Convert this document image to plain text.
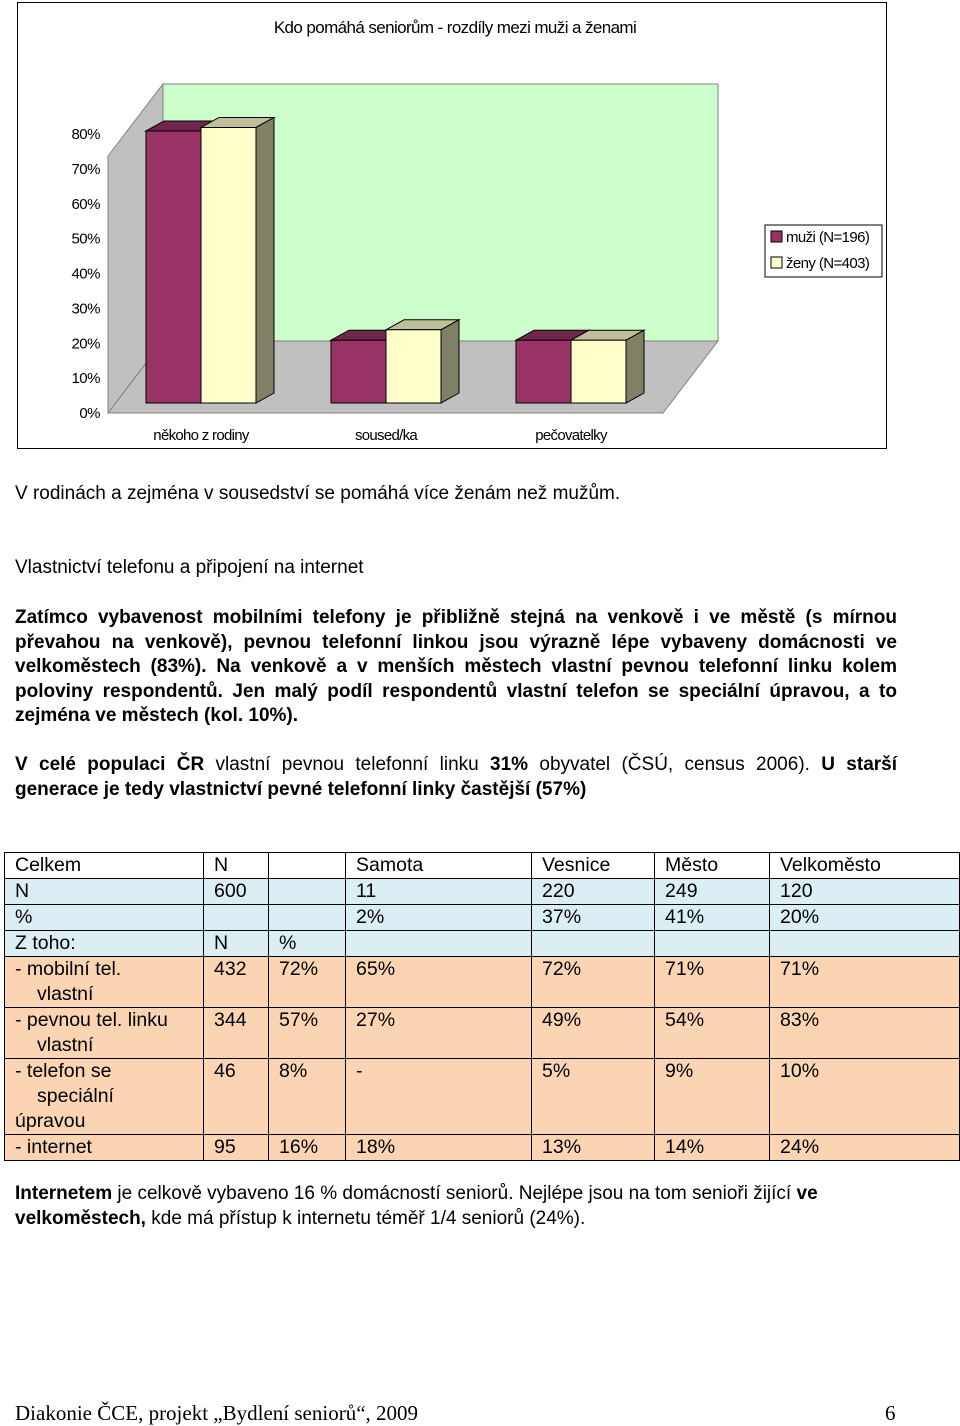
Kdo pomáhá seniorům - rozdíly mezi muži a ženami
0%
10%
20%
30%
40%
50%
60%
70%
80%
někoho z rodiny	soused/ka	pečovatelky
muži (N=196)
ženy (N=403)
V rodinách a zejména v sousedství se pomáhá více ženám než mužům.
Vlastnictví telefonu a připojení na internet
Zatímco vybavenost mobilními telefony je přibližně stejná na venkově i ve městě (s mírnou převahou na venkově), pevnou telefonní linkou jsou výrazně lépe vybaveny domácnosti ve velkoměstech (83%). Na venkově a v menších městech vlastní pevnou telefonní linku kolem poloviny respondentů. Jen malý podíl respondentů vlastní telefon se speciální úpravou, a to zejména ve městech (kol. 10%).
V celé populaci ČR vlastní pevnou telefonní linku 31% obyvatel (ČSÚ, census 2006). U starší generace je tedy vlastnictví pevné telefonní linky častější (57%)
Celkem	N		Samota	Vesnice	Město	Velkoměsto
N	600		11	220	249	120
%			2%	37%	41%	20%
Z toho:	N	%				

- mobilní tel.
vlastní	432	72%	65%	72%	71%	71%

- pevnou tel. linku
vlastní	344	57%	27%	49%	54%	83%

- telefon se
speciální
úpravou	46	8%	-	5%	9%	10%
- internet	95	16%	18%	13%	14%	24%
Internetem je celkově vybaveno 16 % domácností seniorů. Nejlépe jsou na tom senioři žijící ve velkoměstech, kde má přístup k internetu téměř 1/4 seniorů (24%).
Diakonie ČCE, projekt „Bydlení seniorů“, 2009	6
